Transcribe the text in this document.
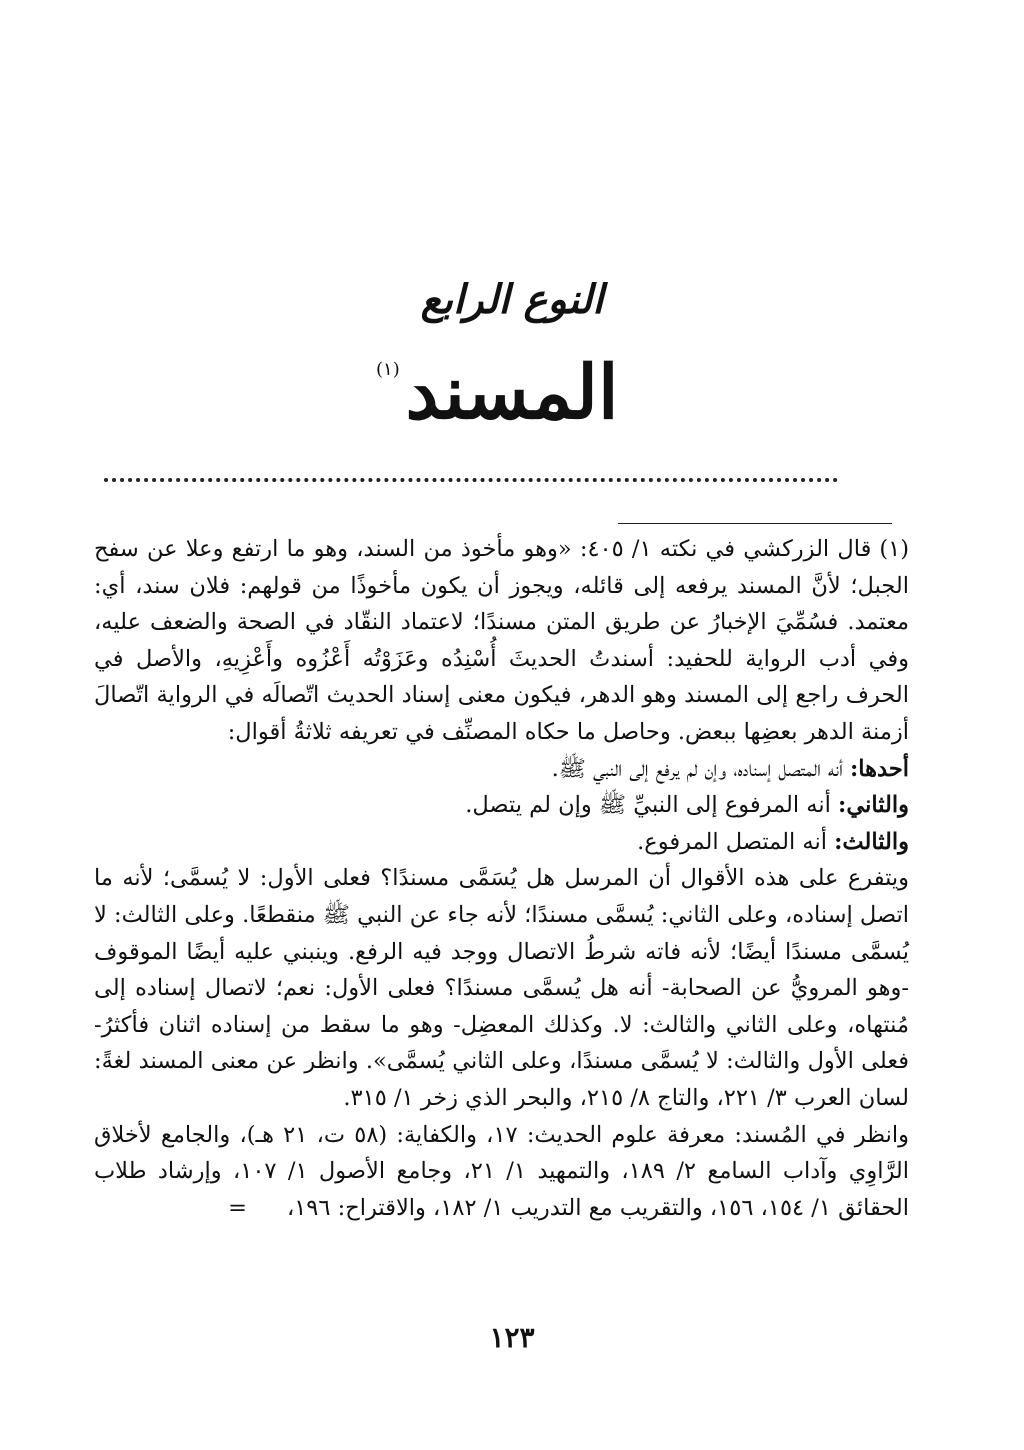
النوع الرابع
المسند
(١)

(١)قال الزركشي في نكته ١/ ٤٠٥: «وهو مأخوذ من السند، وهو ما ارتفع وعلا عن سفح الجبل؛ لأنَّ المسند يرفعه إلى قائله، ويجوز أن يكون مأخوذًا من قولهم: فلان سند، أي: معتمد. فسُمِّيَ الإخبارُ عن طريق المتن مسندًا؛ لاعتماد النقّاد في الصحة والضعف عليه، وفي أدب الرواية للحفيد: أسندتُ الحديثَ أُسْنِدُه وعَزَوْتُه أَعْزُوه وأَعْزِيهِ، والأصل في الحرف راجع إلى المسند وهو الدهر، فيكون معنى إسناد الحديث اتّصالَه في الرواية اتّصالَ أزمنة الدهر بعضِها ببعض. وحاصل ما حكاه المصنِّف في تعريفه ثلاثةُ أقوال:

أحدها: أنه المتصل إسناده، وإن لم يرفع إلى النبي ﷺ.

والثاني: أنه المرفوع إلى النبيِّ ﷺ وإن لم يتصل.

والثالث: أنه المتصل المرفوع.

ويتفرع على هذه الأقوال أن المرسل هل يُسَمَّى مسندًا؟ فعلى الأول: لا يُسمَّى؛ لأنه ما اتصل إسناده، وعلى الثاني: يُسمَّى مسندًا؛ لأنه جاء عن النبي ﷺ منقطعًا. وعلى الثالث: لا يُسمَّى مسندًا أيضًا؛ لأنه فاته شرطُ الاتصال ووجد فيه الرفع. وينبني عليه أيضًا الموقوف -وهو المرويُّ عن الصحابة- أنه هل يُسمَّى مسندًا؟ فعلى الأول: نعم؛ لاتصال إسناده إلى مُنتهاه، وعلى الثاني والثالث: لا. وكذلك المعضِل- وهو ما سقط من إسناده اثنان فأكثرُ- فعلى الأول والثالث: لا يُسمَّى مسندًا، وعلى الثاني يُسمَّى». وانظر عن معنى المسند لغةً: لسان العرب ٣/ ٢٢١، والتاج ٨/ ٢١٥، والبحر الذي زخر ١/ ٣١٥.

وانظر في المُسند: معرفة علوم الحديث: ١٧، والكفاية: (٥٨ ت، ٢١ هـ)، والجامع لأخلاق الرَّاوِي وآداب السامع ٢/ ١٨٩، والتمهيد ١/ ٢١، وجامع الأصول ١/ ١٠٧، وإرشاد طلاب الحقائق ١/ ١٥٤، ١٥٦، والتقريب مع التدريب ١/ ١٨٢، والاقتراح: ١٩٦،=

١٢٣
